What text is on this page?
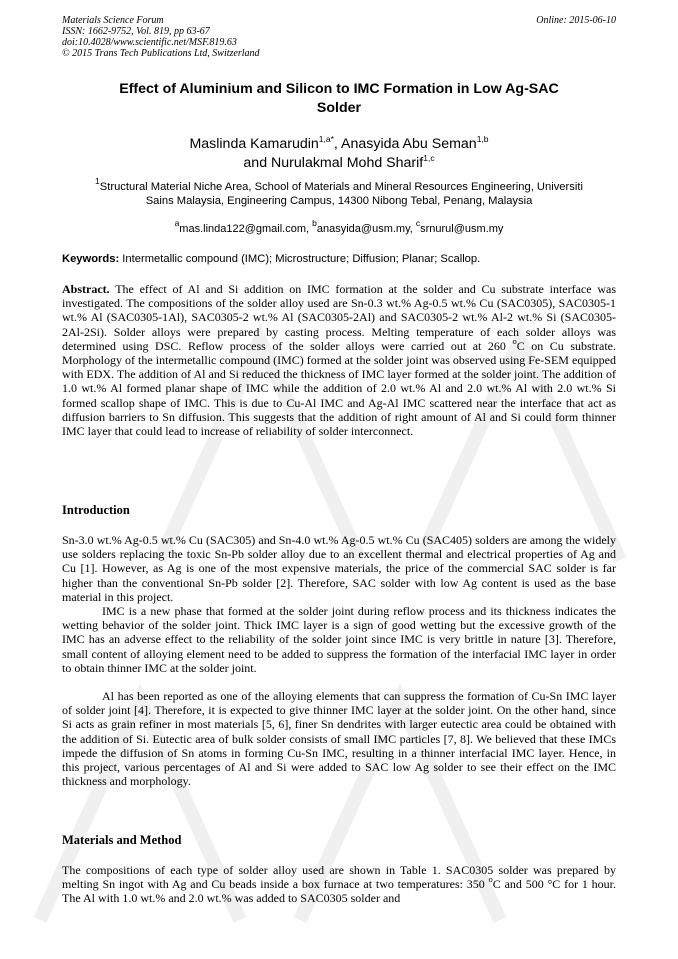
Materials Science Forum
ISSN: 1662-9752, Vol. 819, pp 63-67
doi:10.4028/www.scientific.net/MSF.819.63
© 2015 Trans Tech Publications Ltd, Switzerland
Online: 2015-06-10
Effect of Aluminium and Silicon to IMC Formation in Low Ag-SAC
Solder
Maslinda Kamarudin$^{1,a*}$, Anasyida Abu Seman$^{1,b}$
and Nurulakmal Mohd Sharif$^{1,c}$
$^1$Structural Material Niche Area, School of Materials and Mineral Resources Engineering, Universiti
Sains Malaysia, Engineering Campus, 14300 Nibong Tebal, Penang, Malaysia
$^a$mas.linda122@gmail.com, $^b$anasyida@usm.my, $^c$srnurul@usm.my
Keywords: Intermetallic compound (IMC); Microstructure; Diffusion; Planar; Scallop.
Abstract. The effect of Al and Si addition on IMC formation at the solder and Cu substrate interface was investigated. The compositions of the solder alloy used are Sn-0.3 wt.% Ag-0.5 wt.% Cu (SAC0305), SAC0305-1 wt.% Al (SAC0305-1Al), SAC0305-2 wt.% Al (SAC0305-2Al) and SAC0305-2 wt.% Al-2 wt.% Si (SAC0305-2Al-2Si). Solder alloys were prepared by casting process. Melting temperature of each solder alloys was determined using DSC. Reflow process of the solder alloys were carried out at 260 $^o$C on Cu substrate. Morphology of the intermetallic compound (IMC) formed at the solder joint was observed using Fe-SEM equipped with EDX. The addition of Al and Si reduced the thickness of IMC layer formed at the solder joint. The addition of 1.0 wt.% Al formed planar shape of IMC while the addition of 2.0 wt.% Al and 2.0 wt.% Al with 2.0 wt.% Si formed scallop shape of IMC. This is due to Cu-Al IMC and Ag-Al IMC scattered near the interface that act as diffusion barriers to Sn diffusion. This suggests that the addition of right amount of Al and Si could form thinner IMC layer that could lead to increase of reliability of solder interconnect.
Introduction
Sn-3.0 wt.% Ag-0.5 wt.% Cu (SAC305) and Sn-4.0 wt.% Ag-0.5 wt.% Cu (SAC405) solders are among the widely use solders replacing the toxic Sn-Pb solder alloy due to an excellent thermal and electrical properties of Ag and Cu [1]. However, as Ag is one of the most expensive materials, the price of the commercial SAC solder is far higher than the conventional Sn-Pb solder [2]. Therefore, SAC solder with low Ag content is used as the base material in this project.
IMC is a new phase that formed at the solder joint during reflow process and its thickness indicates the wetting behavior of the solder joint. Thick IMC layer is a sign of good wetting but the excessive growth of the IMC has an adverse effect to the reliability of the solder joint since IMC is very brittle in nature [3]. Therefore, small content of alloying element need to be added to suppress the formation of the interfacial IMC layer in order to obtain thinner IMC at the solder joint.
Al has been reported as one of the alloying elements that can suppress the formation of Cu-Sn IMC layer of solder joint [4]. Therefore, it is expected to give thinner IMC layer at the solder joint. On the other hand, since Si acts as grain refiner in most materials [5, 6], finer Sn dendrites with larger eutectic area could be obtained with the addition of Si. Eutectic area of bulk solder consists of small IMC particles [7, 8]. We believed that these IMCs impede the diffusion of Sn atoms in forming Cu-Sn IMC, resulting in a thinner interfacial IMC layer. Hence, in this project, various percentages of Al and Si were added to SAC low Ag solder to see their effect on the IMC thickness and morphology.
Materials and Method
The compositions of each type of solder alloy used are shown in Table 1. SAC0305 solder was prepared by melting Sn ingot with Ag and Cu beads inside a box furnace at two temperatures: 350 $^o$C and 500 °C for 1 hour. The Al with 1.0 wt.% and 2.0 wt.% was added to SAC0305 solder and
